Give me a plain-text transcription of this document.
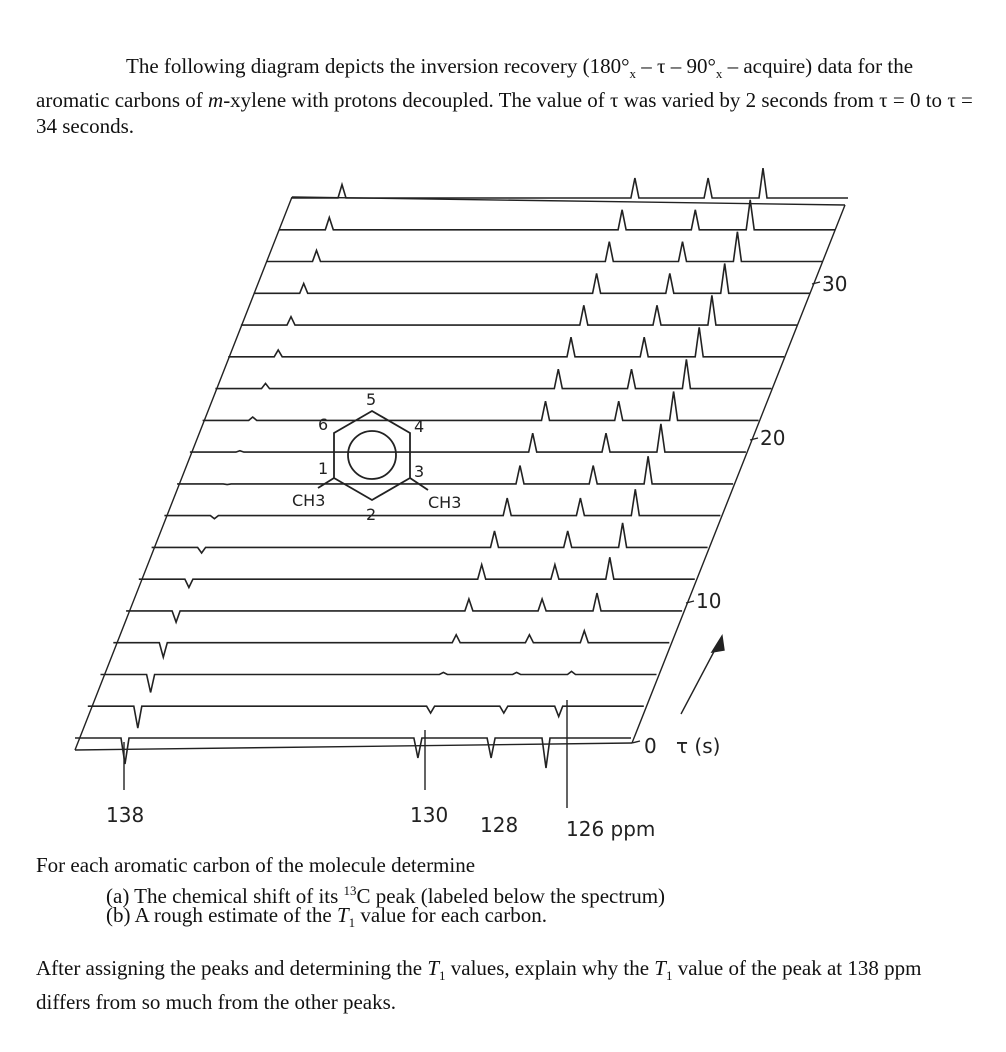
The following diagram depicts the inversion recovery ($180^\circ_x$ – τ – $90^\circ_x$ – acquire) data for the aromatic carbons of m-xylene with protons decoupled. The value of τ was varied by 2 seconds from τ = 0 to τ = 34 seconds.

138	130 128 126 ppm
0
10
20
30
τ (s)
5
6	4
1	3
2
CH3	CH3

For each aromatic carbon of the molecule determine

(a) The chemical shift of its $^{13}$C peak (labeled below the spectrum)

(b) A rough estimate of the $T_1$ value for each carbon.

After assigning the peaks and determining the $T_1$ values, explain why the $T_1$ value of the peak at 138 ppm differs from so much from the other peaks.
